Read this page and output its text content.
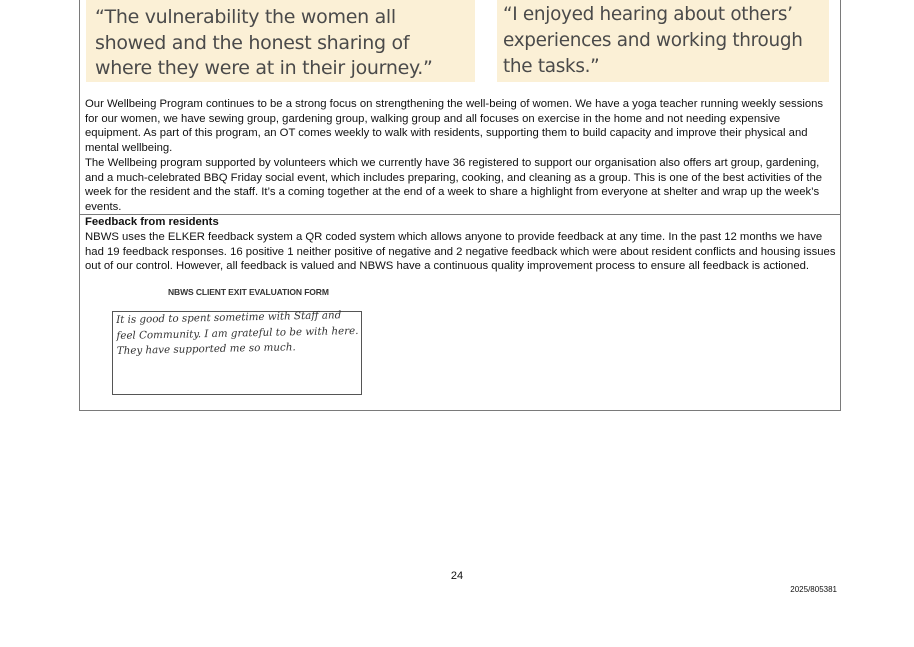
“The vulnerability the women all showed and the honest sharing of where they were at in their journey.”
“I enjoyed hearing about others’ experiences and working through the tasks.”

Our Wellbeing Program continues to be a strong focus on strengthening the well-being of women. We have a yoga teacher running weekly sessions for our women, we have sewing group, gardening group, walking group and all focuses on exercise in the home and not needing expensive equipment. As part of this program, an OT comes weekly to walk with residents, supporting them to build capacity and improve their physical and mental wellbeing.

The Wellbeing program supported by volunteers which we currently have 36 registered to support our organisation also offers art group, gardening, and a much-celebrated BBQ Friday social event, which includes preparing, cooking, and cleaning as a group. This is one of the best activities of the week for the resident and the staff. It’s a coming together at the end of a week to share a highlight from everyone at shelter and wrap up the week’s events.

Feedback from residents

NBWS uses the ELKER feedback system a QR coded system which allows anyone to provide feedback at any time. In the past 12 months we have had 19 feedback responses. 16 positive 1 neither positive of negative and 2 negative feedback which were about resident conflicts and housing issues out of our control. However, all feedback is valued and NBWS have a continuous quality improvement process to ensure all feedback is actioned.

NBWS CLIENT EXIT EVALUATION FORM
It is good to spent sometime with Staff and feel Community. I am grateful to be with here. They have supported me so much.
24
2025/805381
